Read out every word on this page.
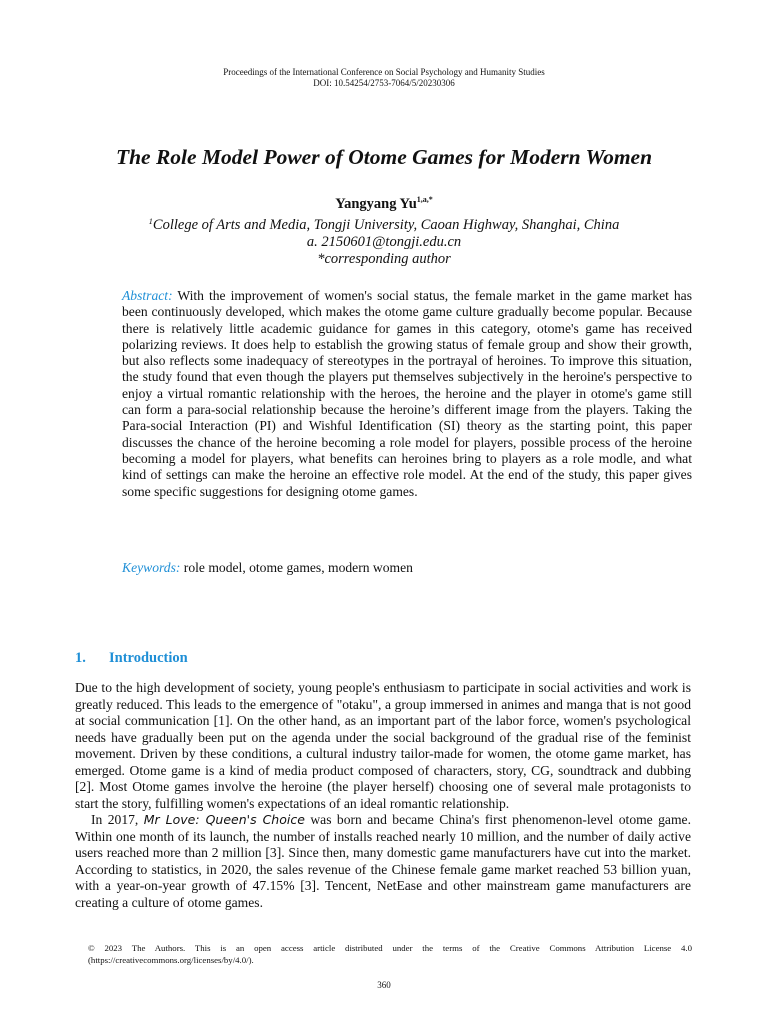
Proceedings of the International Conference on Social Psychology and Humanity Studies
DOI: 10.54254/2753-7064/5/20230306
The Role Model Power of Otome Games for Modern Women
Yangyang $Yu^{1,a,*}$
$^1$College of Arts and Media, Tongji University, Caoan Highway, Shanghai, China
a. 2150601@tongji.edu.cn
*corresponding author
Abstract: With the improvement of women's social status, the female market in the game market has been continuously developed, which makes the otome game culture gradually become popular. Because there is relatively little academic guidance for games in this category, otome's game has received polarizing reviews. It does help to establish the growing status of female group and show their growth, but also reflects some inadequacy of stereotypes in the portrayal of heroines. To improve this situation, the study found that even though the players put themselves subjectively in the heroine's perspective to enjoy a virtual romantic relationship with the heroes, the heroine and the player in otome's game still can form a para-social relationship because the heroine’s different image from the players. Taking the Para-social Interaction (PI) and Wishful Identification (SI) theory as the starting point, this paper discusses the chance of the heroine becoming a role model for players, possible process of the heroine becoming a model for players, what benefits can heroines bring to players as a role modle, and what kind of settings can make the heroine an effective role model. At the end of the study, this paper gives some specific suggestions for designing otome games.
Keywords: role model, otome games, modern women
1. Introduction

Due to the high development of society, young people's enthusiasm to participate in social activities and work is greatly reduced. This leads to the emergence of "otaku", a group immersed in animes and manga that is not good at social communication [1]. On the other hand, as an important part of the labor force, women's psychological needs have gradually been put on the agenda under the social background of the gradual rise of the feminist movement. Driven by these conditions, a cultural industry tailor-made for women, the otome game market, has emerged. Otome game is a kind of media product composed of characters, story, CG, soundtrack and dubbing [2]. Most Otome games involve the heroine (the player herself) choosing one of several male protagonists to start the story, fulfilling women's expectations of an ideal romantic relationship.

In 2017, Mr Love: Queen's Choice was born and became China's first phenomenon-level otome game. Within one month of its launch, the number of installs reached nearly 10 million, and the number of daily active users reached more than 2 million [3]. Since then, many domestic game manufacturers have cut into the market. According to statistics, in 2020, the sales revenue of the Chinese female game market reached 53 billion yuan, with a year-on-year growth of 47.15% [3]. Tencent, NetEase and other mainstream game manufacturers are creating a culture of otome games.

© 2023 The Authors. This is an open access article distributed under the terms of the Creative Commons Attribution License 4.0 (https://creativecommons.org/licenses/by/4.0/).
360
